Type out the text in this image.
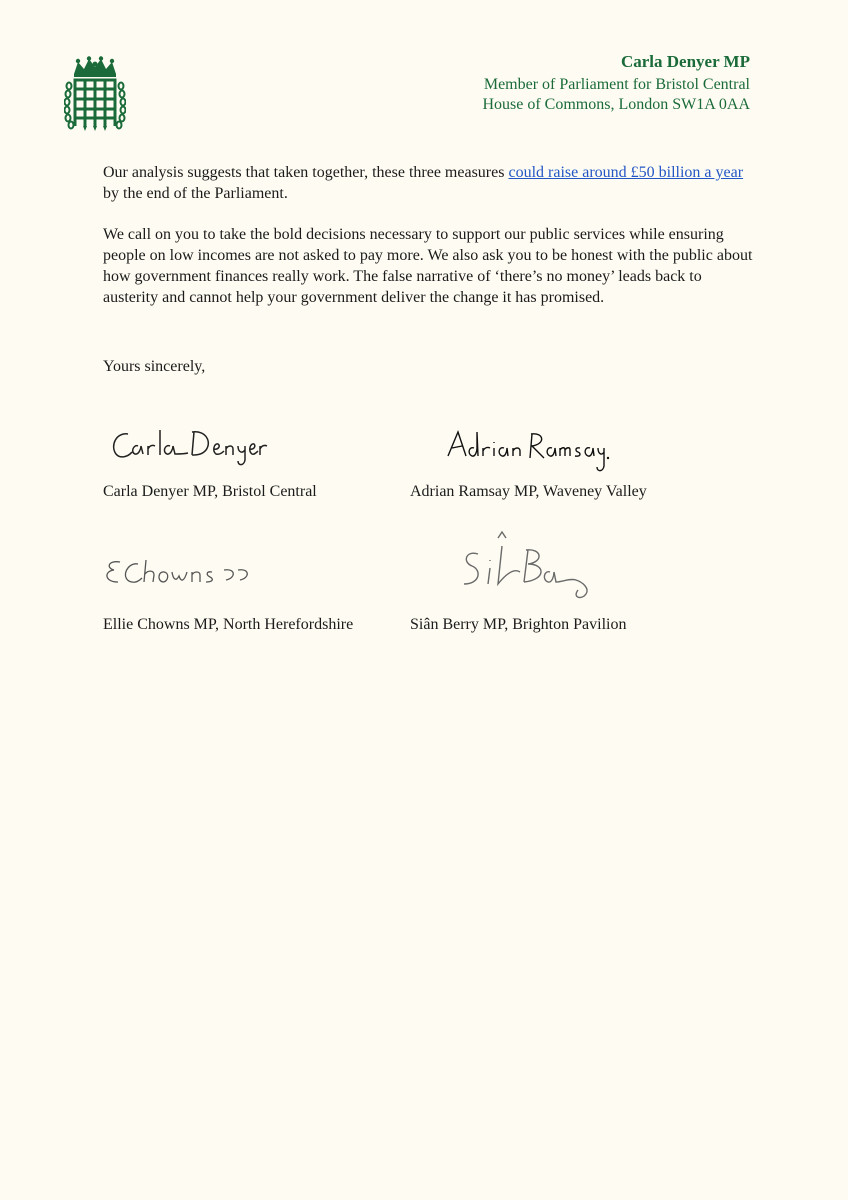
Carla Denyer MP
Member of Parliament for Bristol Central
House of Commons, London SW1A 0AA

Our analysis suggests that taken together, these three measures could raise around £50 billion a year by the end of the Parliament.

We call on you to take the bold decisions necessary to support our public services while ensuring people on low incomes are not asked to pay more. We also ask you to be honest with the public about how government finances really work. The false narrative of ‘there’s no money’ leads back to austerity and cannot help your government deliver the change it has promised.

Yours sincerely,

Carla Denyer MP, Bristol Central	Adrian Ramsay MP, Waveney Valley
Ellie Chowns MP, North Herefordshire	Siân Berry MP, Brighton Pavilion
